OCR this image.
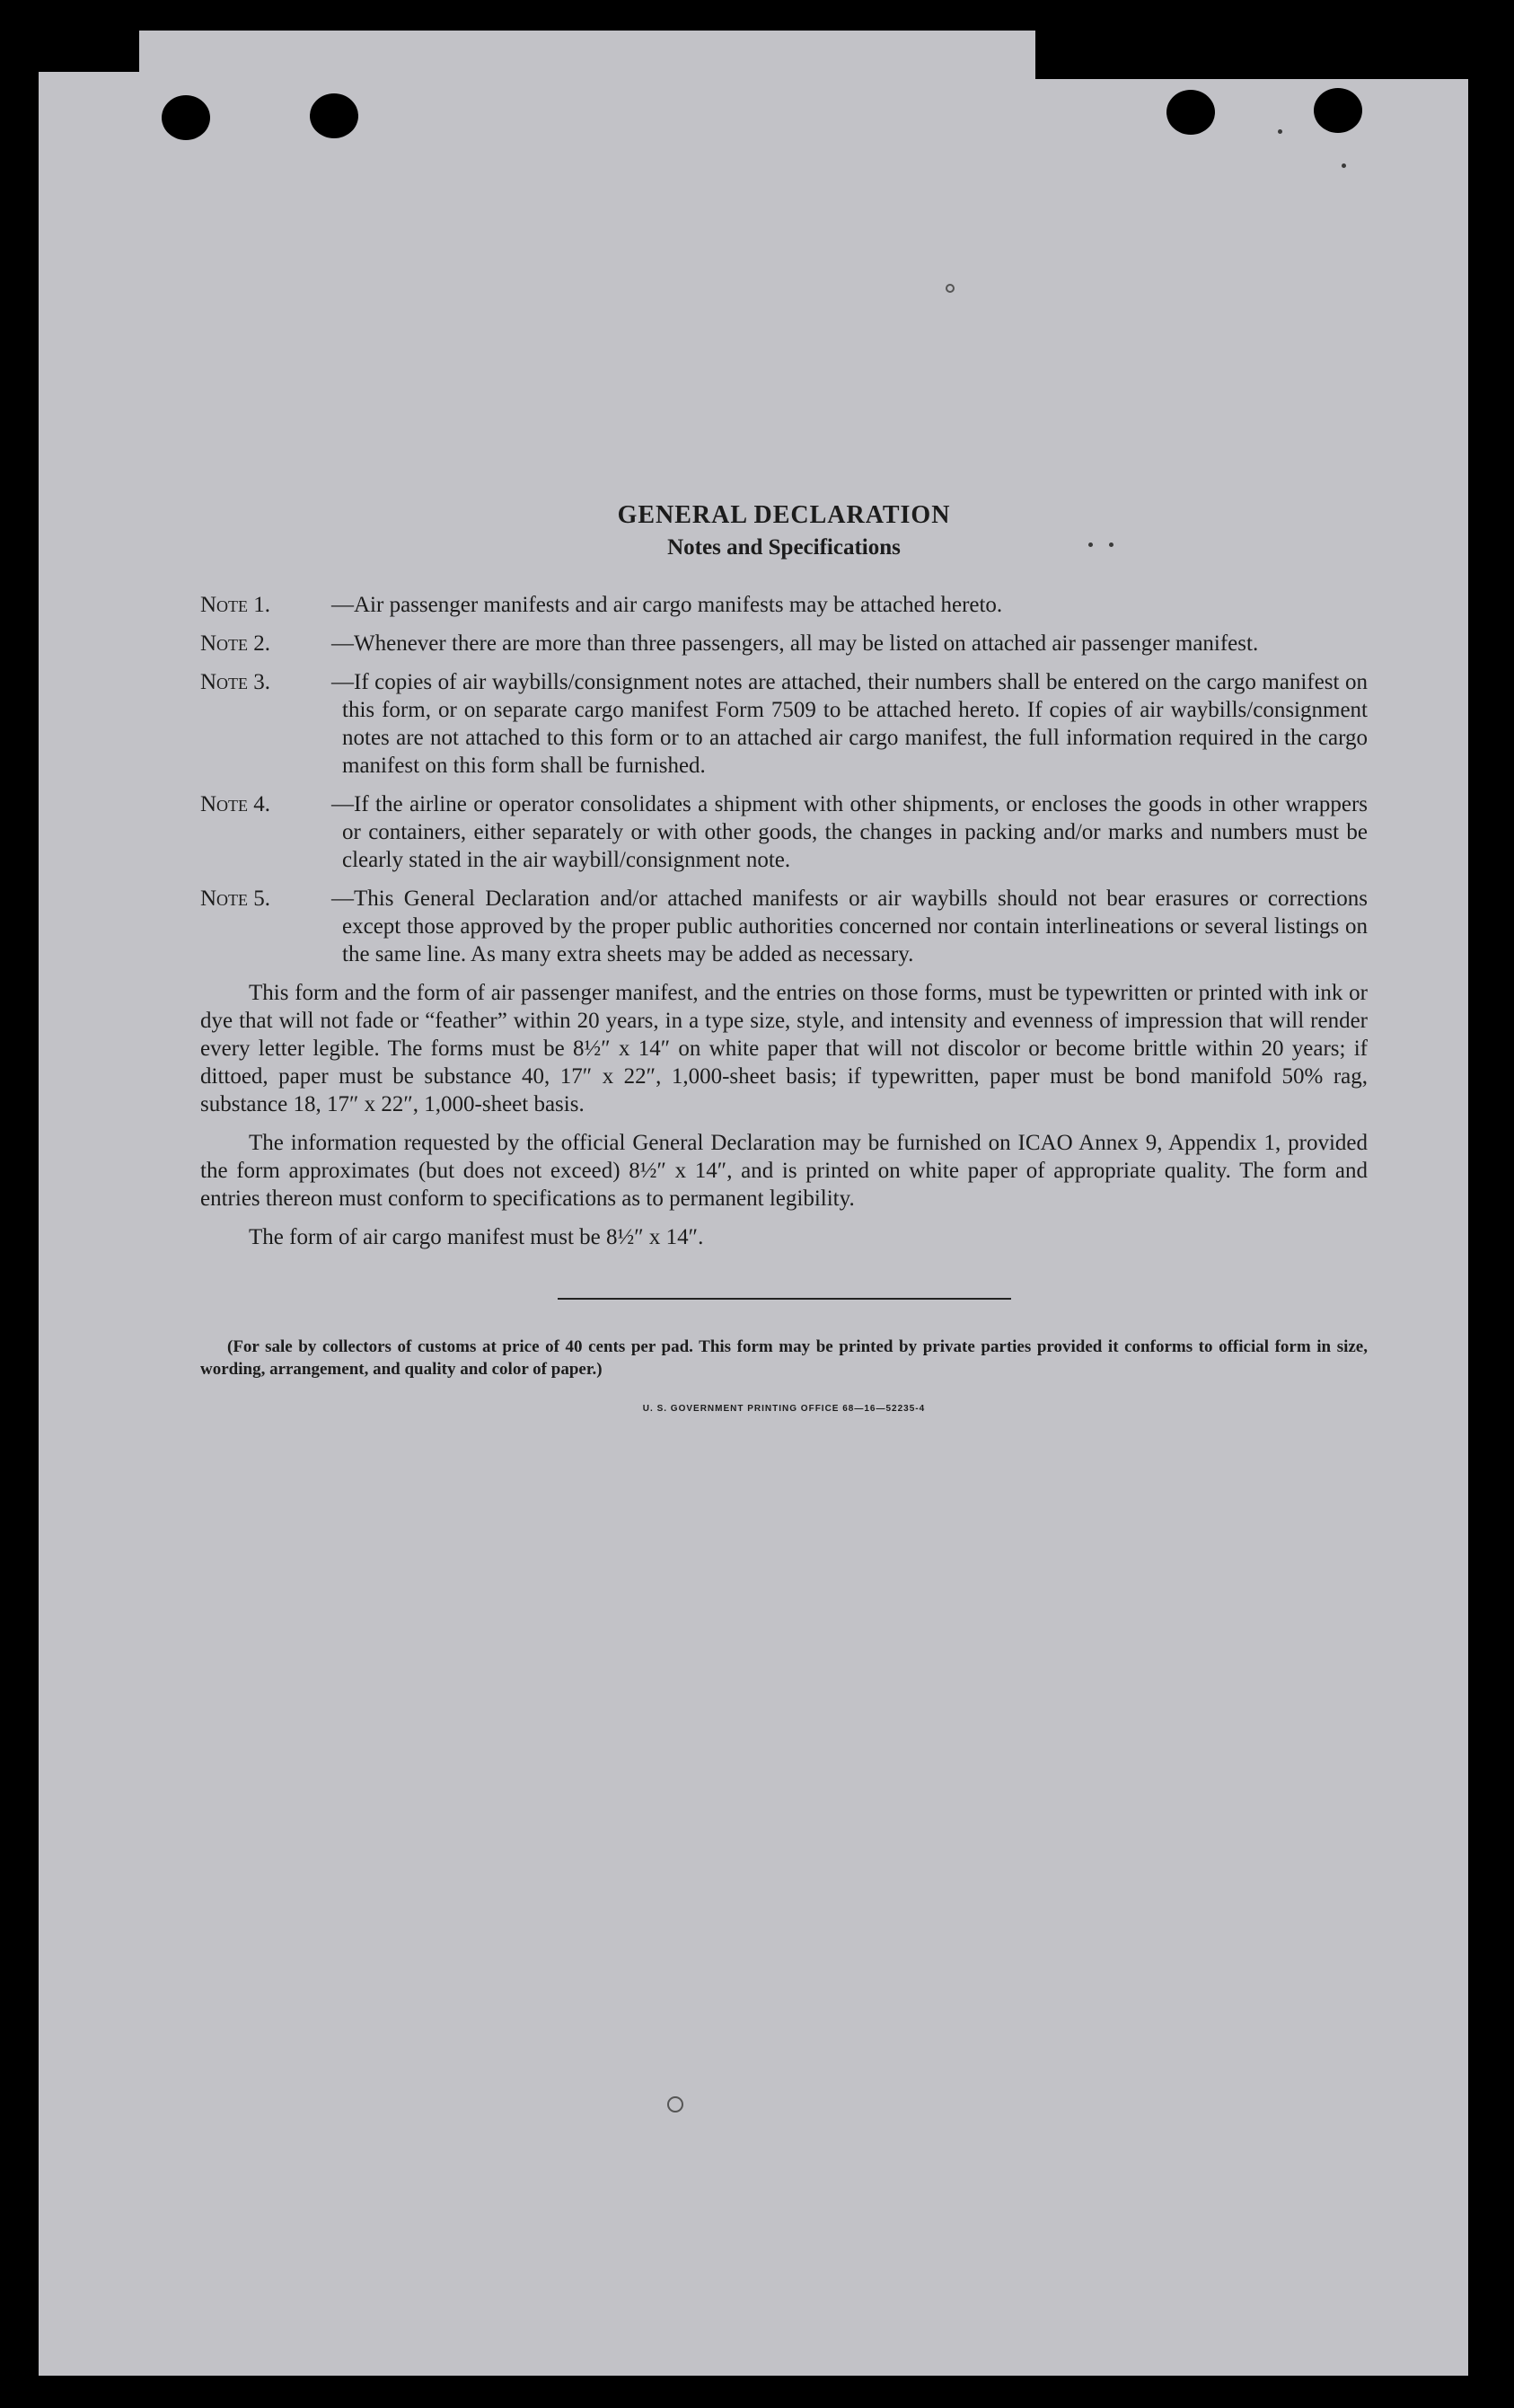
GENERAL DECLARATION
Notes and Specifications
Note 1.	—Air passenger manifests and air cargo manifests may be attached hereto.
Note 2.	—Whenever there are more than three passengers, all may be listed on attached air passenger manifest.
Note 3.	—If copies of air waybills/consignment notes are attached, their numbers shall be entered on the cargo manifest on this form, or on separate cargo manifest Form 7509 to be attached hereto. If copies of air waybills/consignment notes are not attached to this form or to an attached air cargo manifest, the full information required in the cargo manifest on this form shall be furnished.
Note 4.	—If the airline or operator consolidates a shipment with other shipments, or encloses the goods in other wrappers or containers, either separately or with other goods, the changes in packing and/or marks and numbers must be clearly stated in the air waybill/consignment note.
Note 5.	—This General Declaration and/or attached manifests or air waybills should not bear erasures or corrections except those approved by the proper public authorities concerned nor contain interlineations or several listings on the same line. As many extra sheets may be added as necessary.

This form and the form of air passenger manifest, and the entries on those forms, must be typewritten or printed with ink or dye that will not fade or “feather” within 20 years, in a type size, style, and intensity and evenness of impression that will render every letter legible. The forms must be 8½″ x 14″ on white paper that will not discolor or become brittle within 20 years; if dittoed, paper must be substance 40, 17″ x 22″, 1,000-sheet basis; if typewritten, paper must be bond manifold 50% rag, substance 18, 17″ x 22″, 1,000-sheet basis.

The information requested by the official General Declaration may be furnished on ICAO Annex 9, Appendix 1, provided the form approximates (but does not exceed) 8½″ x 14″, and is printed on white paper of appropriate quality. The form and entries thereon must conform to specifications as to permanent legibility.

The form of air cargo manifest must be 8½″ x 14″.

(For sale by collectors of customs at price of 40 cents per pad. This form may be printed by private parties provided it conforms to official form in size, wording, arrangement, and quality and color of paper.)

U. S. GOVERNMENT PRINTING OFFICE 68—16—52235-4
